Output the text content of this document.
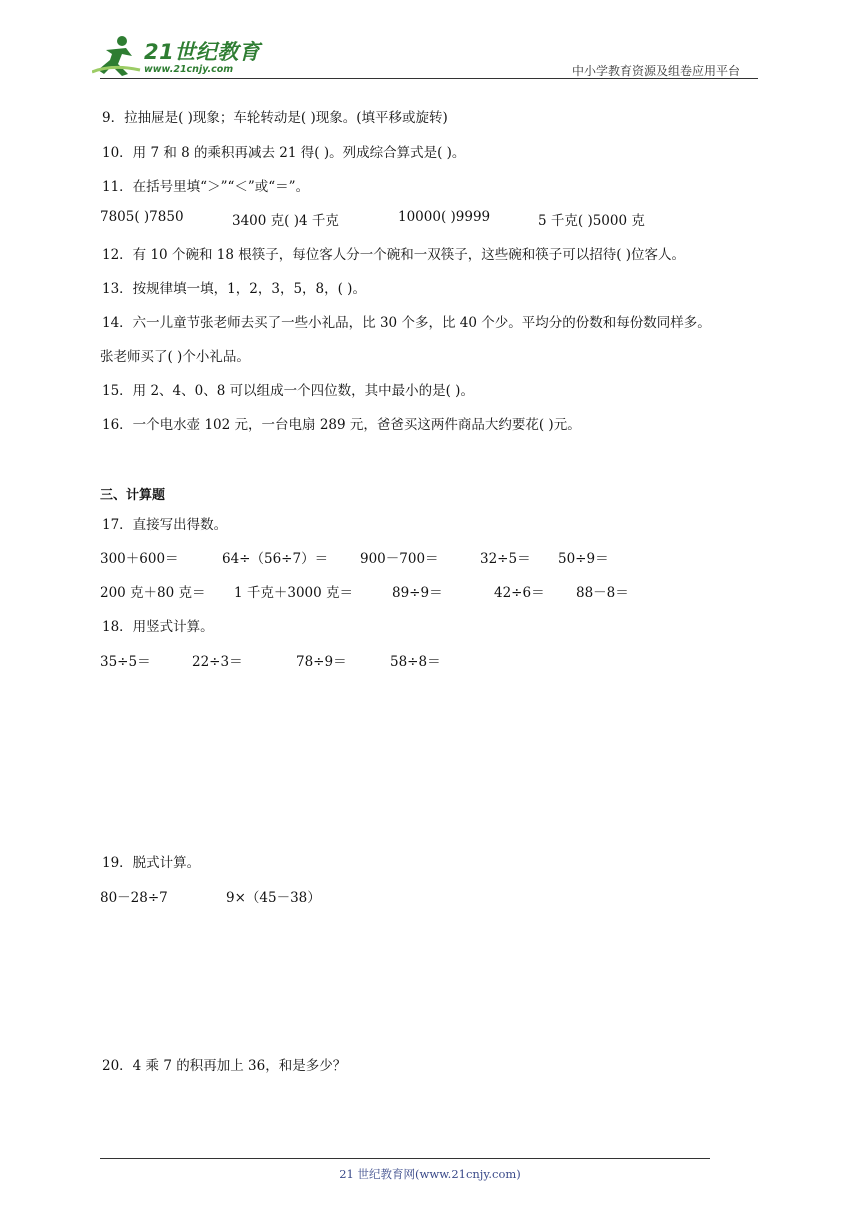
21世纪教育
www.21cnjy.com	中小学教育资源及组卷应用平台
9．拉抽屉是( )现象；车轮转动是( )现象。(填平移或旋转)
10．用 7 和 8 的乘积再减去 21 得( )。列成综合算式是( )。
11．在括号里填“＞”“＜”或“＝”。
7805( )7850	3400 克( )4 千克	10000( )9999	5 千克( )5000 克
12．有 10 个碗和 18 根筷子，每位客人分一个碗和一双筷子，这些碗和筷子可以招待( )位客人。
13．按规律填一填，1，2，3，5，8，( )。
14．六一儿童节张老师去买了一些小礼品，比 30 个多，比 40 个少。平均分的份数和每份数同样多。
张老师买了( )个小礼品。
15．用 2、4、0、8 可以组成一个四位数，其中最小的是( )。
16．一个电水壶 102 元，一台电扇 289 元，爸爸买这两件商品大约要花( )元。
三、计算题
17．直接写出得数。
300＋600＝	64÷（56÷7）＝ 900－700＝	32÷5＝ 50÷9＝
200 克＋80 克＝ 1 千克＋3000 克＝	89÷9＝	42÷6＝ 88－8＝
18．用竖式计算。
35÷5＝	22÷3＝	78÷9＝	58÷8＝
19．脱式计算。
80－28÷7	9×（45－38）
20．4 乘 7 的积再加上 36，和是多少？
21 世纪教育网(www.21cnjy.com)
